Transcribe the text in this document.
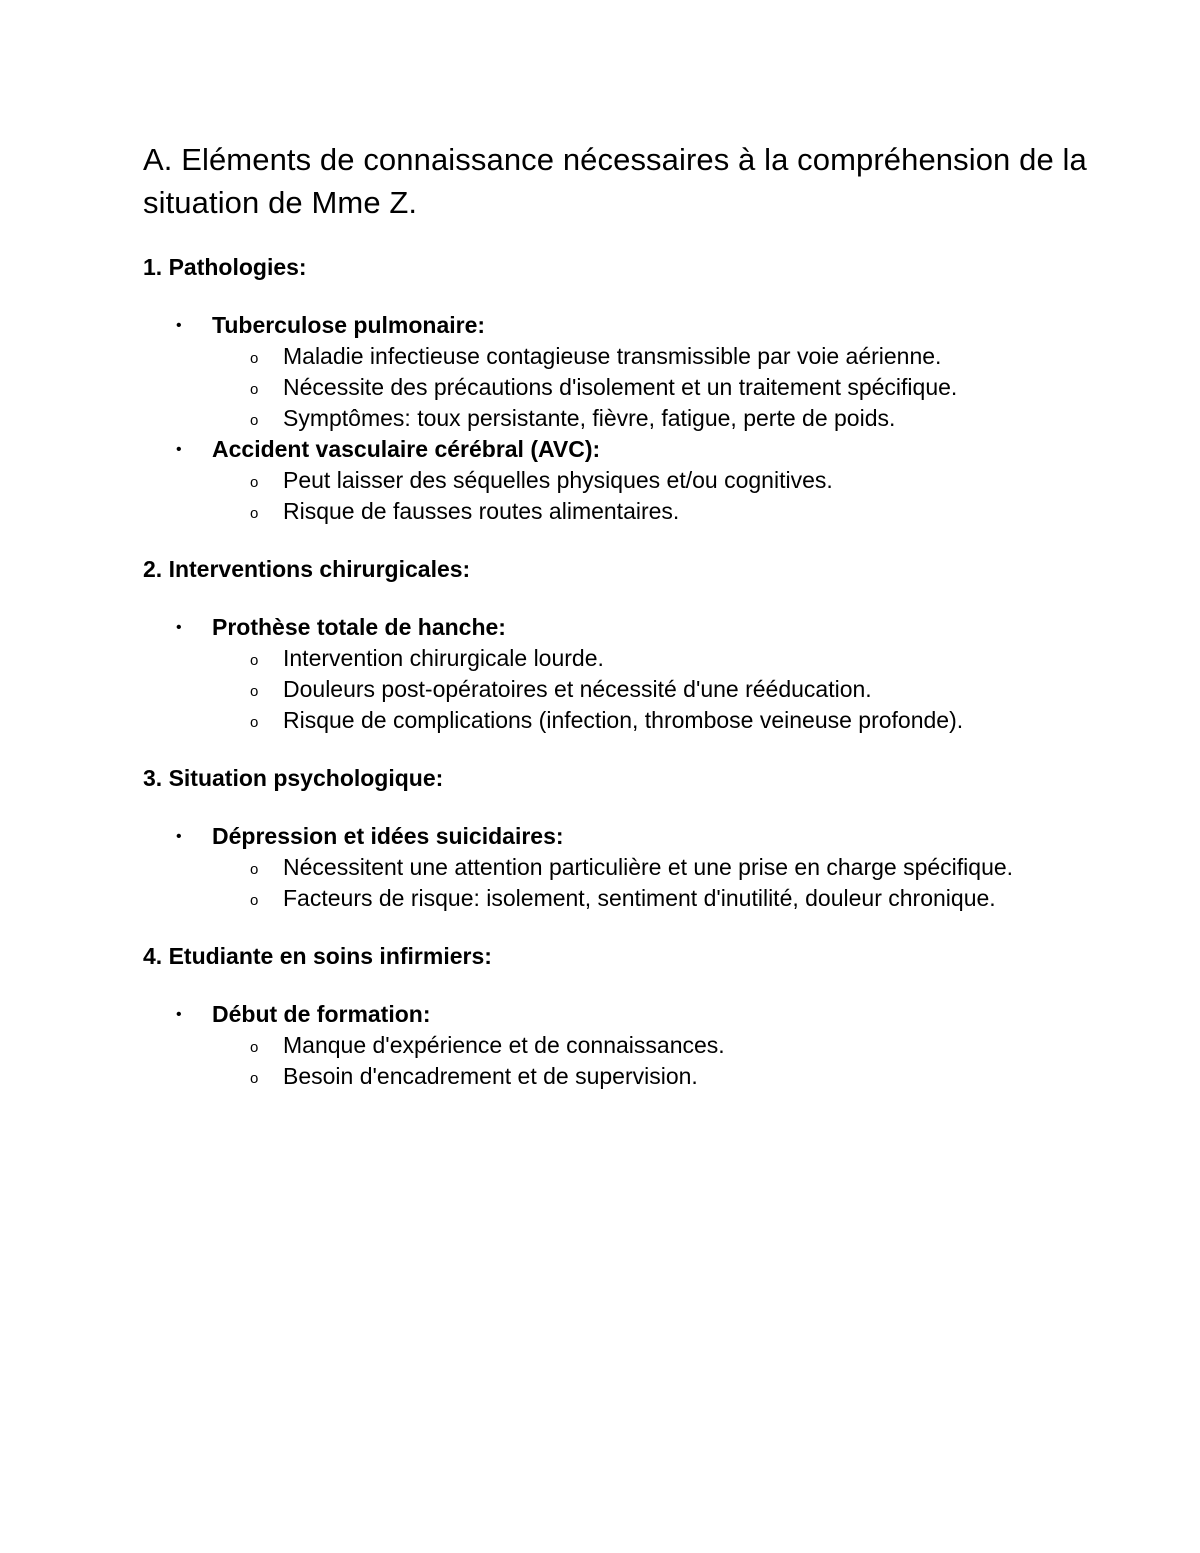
A. Eléments de connaissance nécessaires à la compréhension de la situation de Mme Z.
1. Pathologies:
• Tuberculose pulmonaire:
o Maladie infectieuse contagieuse transmissible par voie aérienne.
o Nécessite des précautions d'isolement et un traitement spécifique.
o Symptômes: toux persistante, fièvre, fatigue, perte de poids.
• Accident vasculaire cérébral (AVC):
o Peut laisser des séquelles physiques et/ou cognitives.
o Risque de fausses routes alimentaires.
2. Interventions chirurgicales:
• Prothèse totale de hanche:
o Intervention chirurgicale lourde.
o Douleurs post-opératoires et nécessité d'une rééducation.
o Risque de complications (infection, thrombose veineuse profonde).
3. Situation psychologique:
• Dépression et idées suicidaires:
o Nécessitent une attention particulière et une prise en charge spécifique.
o Facteurs de risque: isolement, sentiment d'inutilité, douleur chronique.
4. Etudiante en soins infirmiers:
• Début de formation:
o Manque d'expérience et de connaissances.
o Besoin d'encadrement et de supervision.
